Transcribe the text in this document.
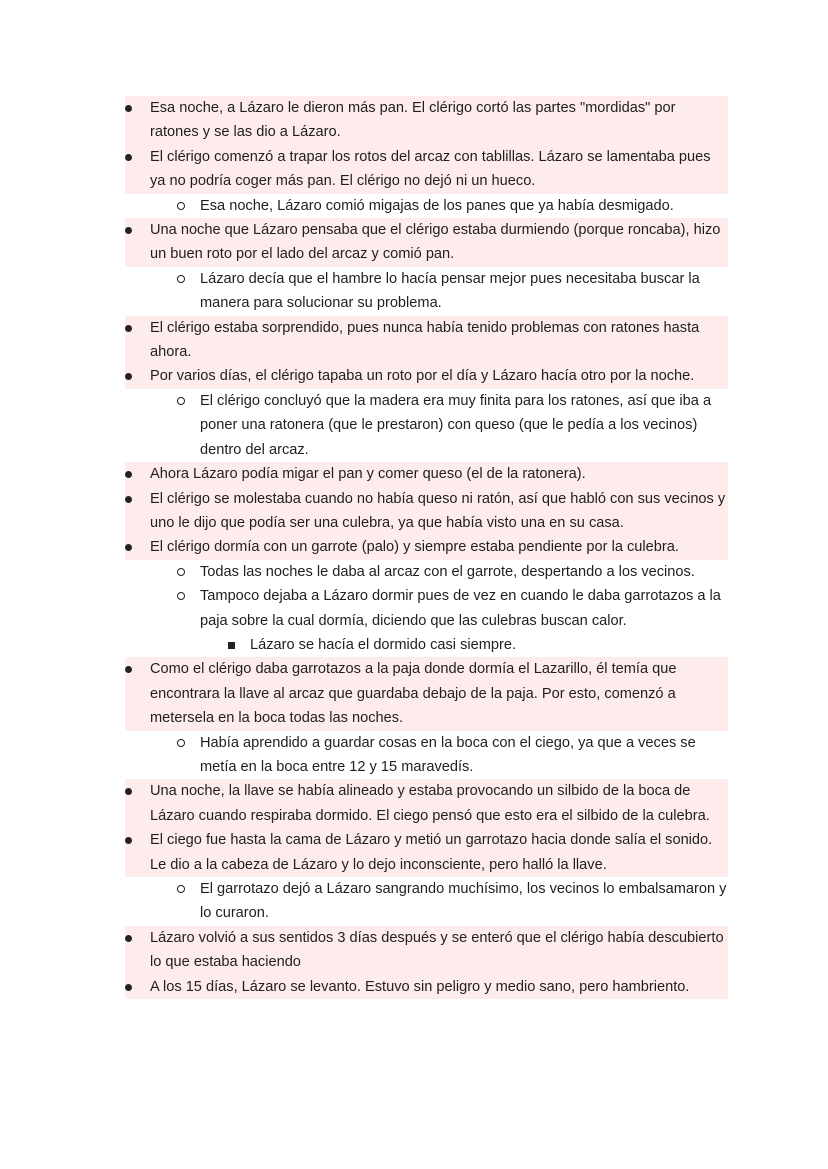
Esa noche, a Lázaro le dieron más pan. El clérigo cortó las partes "mordidas" por ratones y se las dio a Lázaro.
El clérigo comenzó a trapar los rotos del arcaz con tablillas. Lázaro se lamentaba pues ya no podría coger más pan. El clérigo no dejó ni un hueco.
Esa noche, Lázaro comió migajas de los panes que ya había desmigado.
Una noche que Lázaro pensaba que el clérigo estaba durmiendo (porque roncaba), hizo un buen roto por el lado del arcaz y comió pan.
Lázaro decía que el hambre lo hacía pensar mejor pues necesitaba buscar la manera para solucionar su problema.
El clérigo estaba sorprendido, pues nunca había tenido problemas con ratones hasta ahora.
Por varios días, el clérigo tapaba un roto por el día y Lázaro hacía otro por la noche.
El clérigo concluyó que la madera era muy finita para los ratones, así que iba a poner una ratonera (que le prestaron) con queso (que le pedía a los vecinos) dentro del arcaz.
Ahora Lázaro podía migar el pan y comer queso (el de la ratonera).
El clérigo se molestaba cuando no había queso ni ratón, así que habló con sus vecinos y uno le dijo que podía ser una culebra, ya que había visto una en su casa.
El clérigo dormía con un garrote (palo) y siempre estaba pendiente por la culebra.
Todas las noches le daba al arcaz con el garrote, despertando a los vecinos.
Tampoco dejaba a Lázaro dormir pues de vez en cuando le daba garrotazos a la paja sobre la cual dormía, diciendo que las culebras buscan calor.
Lázaro se hacía el dormido casi siempre.
Como el clérigo daba garrotazos a la paja donde dormía el Lazarillo, él temía que encontrara la llave al arcaz que guardaba debajo de la paja. Por esto, comenzó a metersela en la boca todas las noches.
Había aprendido a guardar cosas en la boca con el ciego, ya que a veces se metía en la boca entre 12 y 15 maravedís.
Una noche, la llave se había alineado y estaba provocando un silbido de la boca de Lázaro cuando respiraba dormido. El ciego pensó que esto era el silbido de la culebra.
El ciego fue hasta la cama de Lázaro y metió un garrotazo hacia donde salía el sonido. Le dio a la cabeza de Lázaro y lo dejo inconsciente, pero halló la llave.
El garrotazo dejó a Lázaro sangrando muchísimo, los vecinos lo embalsamaron y lo curaron.
Lázaro volvió a sus sentidos 3 días después y se enteró que el clérigo había descubierto lo que estaba haciendo
A los 15 días, Lázaro se levanto. Estuvo sin peligro y medio sano, pero hambriento.
